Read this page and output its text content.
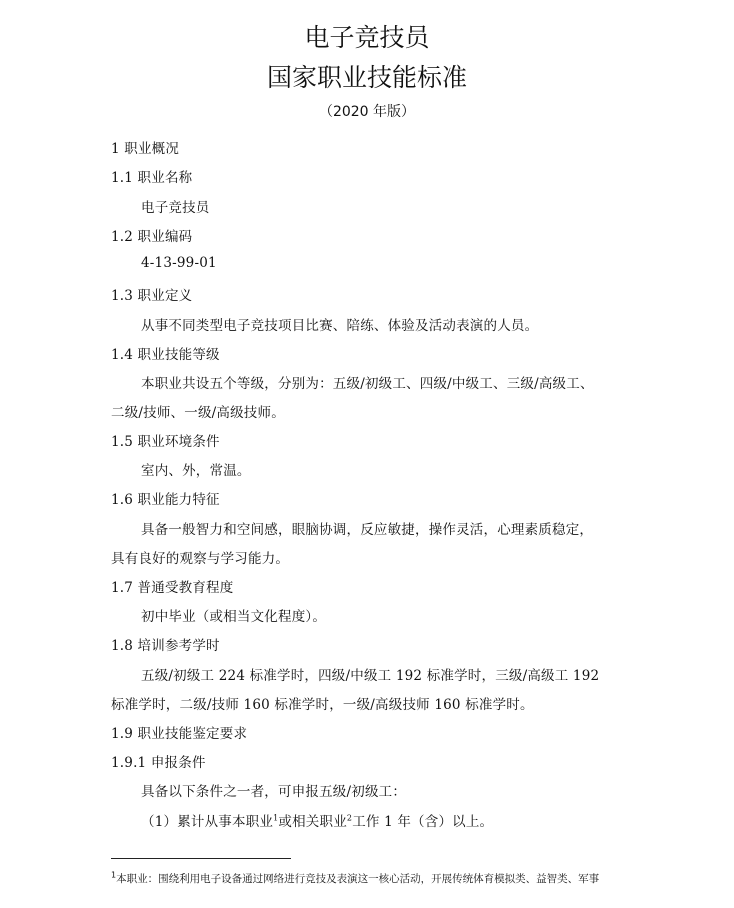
电子竞技员
国家职业技能标准
（2020 年版）
1 职业概况
1.1 职业名称
电子竞技员
1.2 职业编码
4-13-99-01
1.3 职业定义
从事不同类型电子竞技项目比赛、陪练、体验及活动表演的人员。
1.4 职业技能等级
本职业共设五个等级，分别为：五级/初级工、四级/中级工、三级/高级工、
二级/技师、一级/高级技师。
1.5 职业环境条件
室内、外，常温。
1.6 职业能力特征
具备一般智力和空间感，眼脑协调，反应敏捷，操作灵活，心理素质稳定，
具有良好的观察与学习能力。
1.7 普通受教育程度
初中毕业（或相当文化程度）。
1.8 培训参考学时
五级/初级工 224 标准学时，四级/中级工 192 标准学时，三级/高级工 192
标准学时，二级/技师 160 标准学时，一级/高级技师 160 标准学时。
1.9 职业技能鉴定要求
1.9.1 申报条件
具备以下条件之一者，可申报五级/初级工：
（1）累计从事本职业$^1$或相关职业$^2$工作 1 年（含）以上。
$^1$本职业：围绕利用电子设备通过网络进行竞技及表演这一核心活动，开展传统体育模拟类、益智类、军事
